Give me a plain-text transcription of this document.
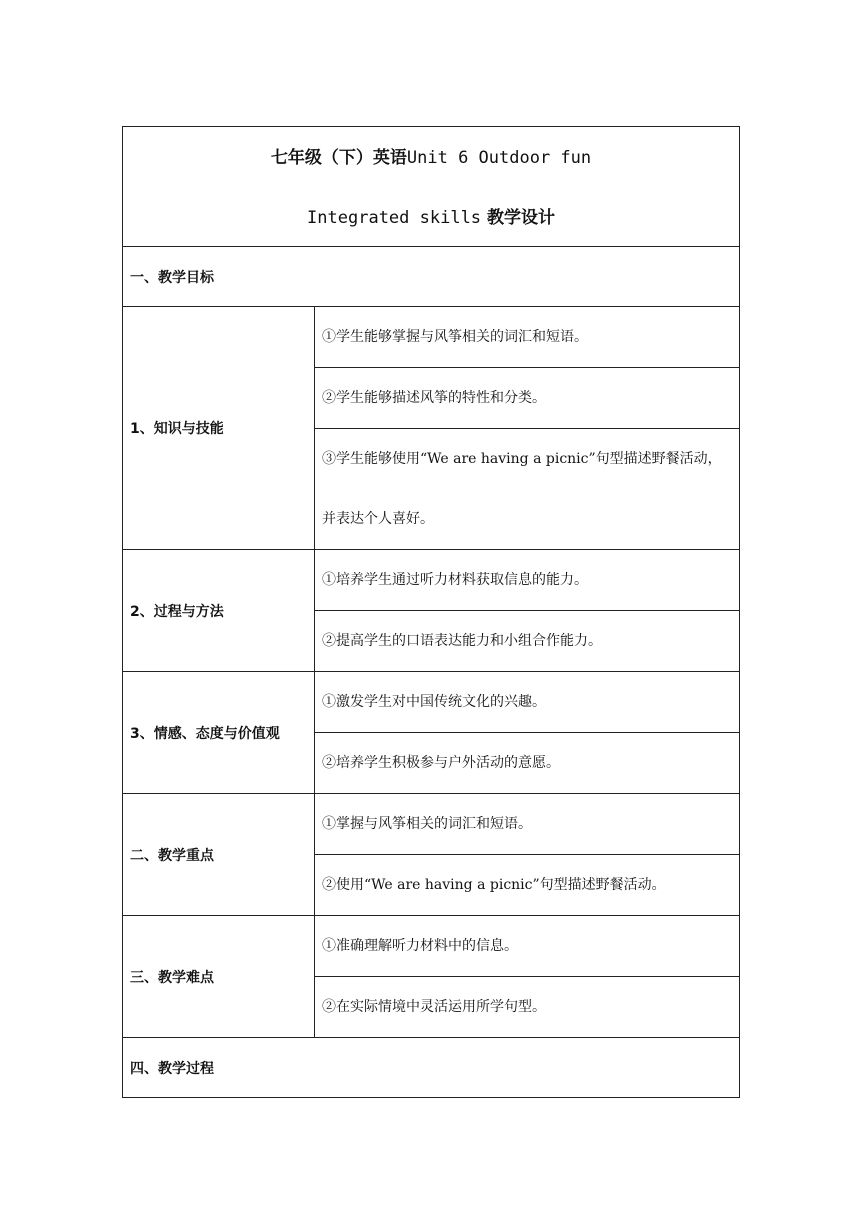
七年级（下）英语Unit 6 Outdoor fun
Integrated skills 教学设计	

一、教学目标	
1、知识与技能	①学生能够掌握与风筝相关的词汇和短语。

	②学生能够描述风筝的特性和分类。

	③学生能够使用“We are having a picnic”句型描述野餐活动，
并表达个人喜好。

2、过程与方法	①培养学生通过听力材料获取信息的能力。

	②提高学生的口语表达能力和小组合作能力。

3、情感、态度与价值观	①激发学生对中国传统文化的兴趣。

	②培养学生积极参与户外活动的意愿。

二、教学重点	①掌握与风筝相关的词汇和短语。

	②使用“We are having a picnic”句型描述野餐活动。

三、教学难点	①准确理解听力材料中的信息。

	②在实际情境中灵活运用所学句型。

四、教学过程	
